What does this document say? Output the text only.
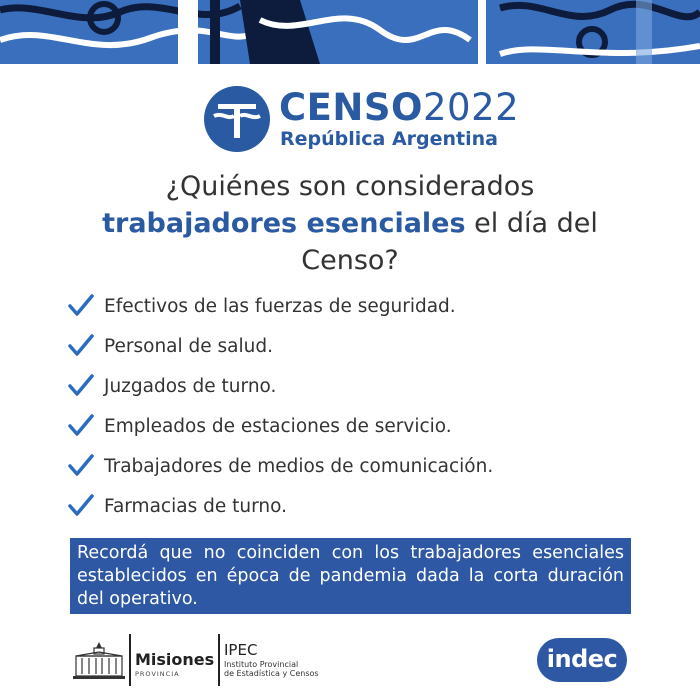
CENSO2022
República Argentina
¿Quiénes son considerados
trabajadores esenciales el día del
Censo?
Efectivos de las fuerzas de seguridad.
Personal de salud.
Juzgados de turno.
Empleados de estaciones de servicio.
Trabajadores de medios de comunicación.
Farmacias de turno.
Recordá que no coinciden con los trabajadores esenciales establecidos en época de pandemia dada la corta duración del operativo.
Misiones
PROVINCIA
IPEC
Instituto Provincial
de Estadística y Censos
indec
